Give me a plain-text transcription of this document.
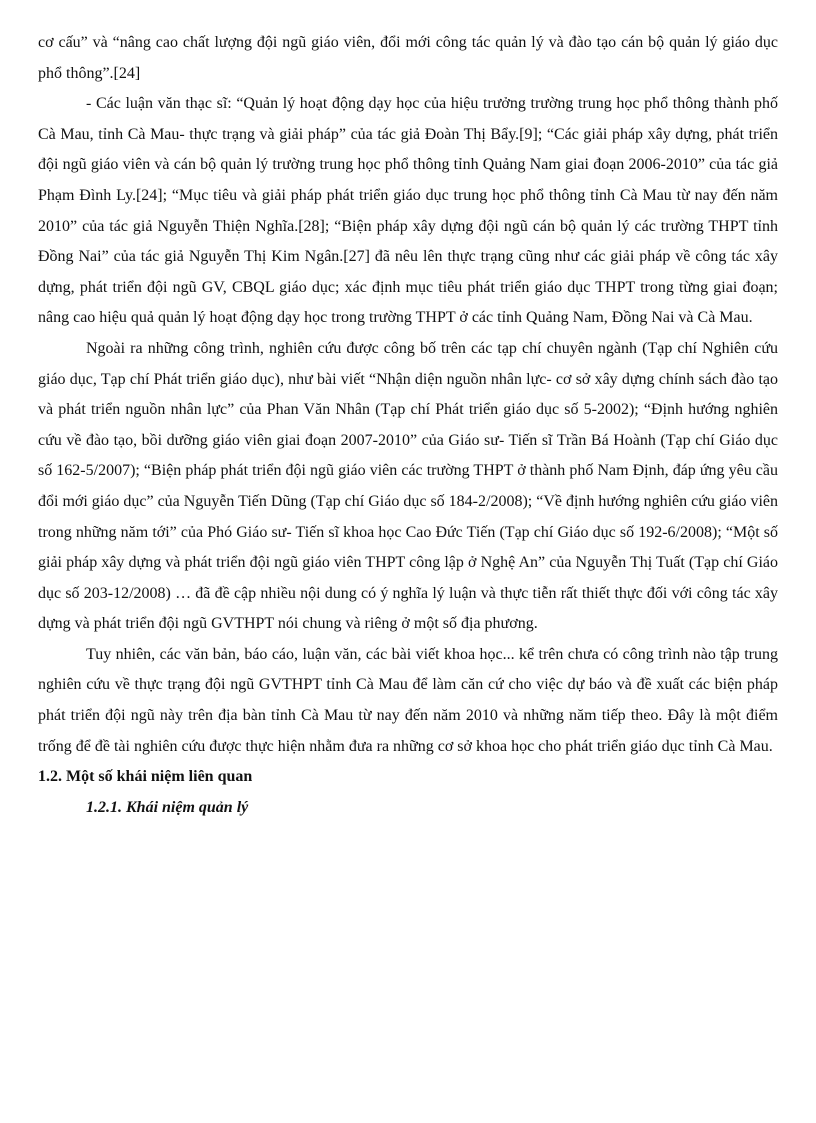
cơ cấu” và “nâng cao chất lượng đội ngũ giáo viên, đổi mới công tác quản lý và đào tạo cán bộ quản lý giáo dục phổ thông”.[24]

- Các luận văn thạc sĩ: “Quản lý hoạt động dạy học của hiệu trưởng trường trung học phổ thông thành phố Cà Mau, tỉnh Cà Mau- thực trạng và giải pháp” của tác giả Đoàn Thị Bẩy.[9]; “Các giải pháp xây dựng, phát triển đội ngũ giáo viên và cán bộ quản lý trường trung học phổ thông tỉnh Quảng Nam giai đoạn 2006-2010” của tác giả Phạm Đình Ly.[24]; “Mục tiêu và giải pháp phát triển giáo dục trung học phổ thông tỉnh Cà Mau từ nay đến năm 2010” của tác giả Nguyễn Thiện Nghĩa.[28]; “Biện pháp xây dựng đội ngũ cán bộ quản lý các trường THPT tỉnh Đồng Nai” của tác giả Nguyễn Thị Kim Ngân.[27] đã nêu lên thực trạng cũng như các giải pháp về công tác xây dựng, phát triển đội ngũ GV, CBQL giáo dục; xác định mục tiêu phát triển giáo dục THPT trong từng giai đoạn; nâng cao hiệu quả quản lý hoạt động dạy học trong trường THPT ở các tỉnh Quảng Nam, Đồng Nai và Cà Mau.

Ngoài ra những công trình, nghiên cứu được công bố trên các tạp chí chuyên ngành (Tạp chí Nghiên cứu giáo dục, Tạp chí Phát triển giáo dục), như bài viết “Nhận diện nguồn nhân lực- cơ sở xây dựng chính sách đào tạo và phát triển nguồn nhân lực” của Phan Văn Nhân (Tạp chí Phát triển giáo dục số 5-2002); “Định hướng nghiên cứu về đào tạo, bồi dưỡng giáo viên giai đoạn 2007-2010” của Giáo sư- Tiến sĩ Trần Bá Hoành (Tạp chí Giáo dục số 162-5/2007); “Biện pháp phát triển đội ngũ giáo viên các trường THPT ở thành phố Nam Định, đáp ứng yêu cầu đổi mới giáo dục” của Nguyễn Tiến Dũng (Tạp chí Giáo dục số 184-2/2008); “Về định hướng nghiên cứu giáo viên trong những năm tới” của Phó Giáo sư- Tiến sĩ khoa học Cao Đức Tiến (Tạp chí Giáo dục số 192-6/2008); “Một số giải pháp xây dựng và phát triển đội ngũ giáo viên THPT công lập ở Nghệ An” của Nguyễn Thị Tuất (Tạp chí Giáo dục số 203-12/2008) … đã đề cập nhiều nội dung có ý nghĩa lý luận và thực tiễn rất thiết thực đối với công tác xây dựng và phát triển đội ngũ GVTHPT nói chung và riêng ở một số địa phương.

Tuy nhiên, các văn bản, báo cáo, luận văn, các bài viết khoa học... kể trên chưa có công trình nào tập trung nghiên cứu về thực trạng đội ngũ GVTHPT tỉnh Cà Mau để làm căn cứ cho việc dự báo và đề xuất các biện pháp phát triển đội ngũ này trên địa bàn tỉnh Cà Mau từ nay đến năm 2010 và những năm tiếp theo. Đây là một điểm trống để đề tài nghiên cứu được thực hiện nhằm đưa ra những cơ sở khoa học cho phát triển giáo dục tỉnh Cà Mau.

1.2. Một số khái niệm liên quan

1.2.1. Khái niệm quản lý
